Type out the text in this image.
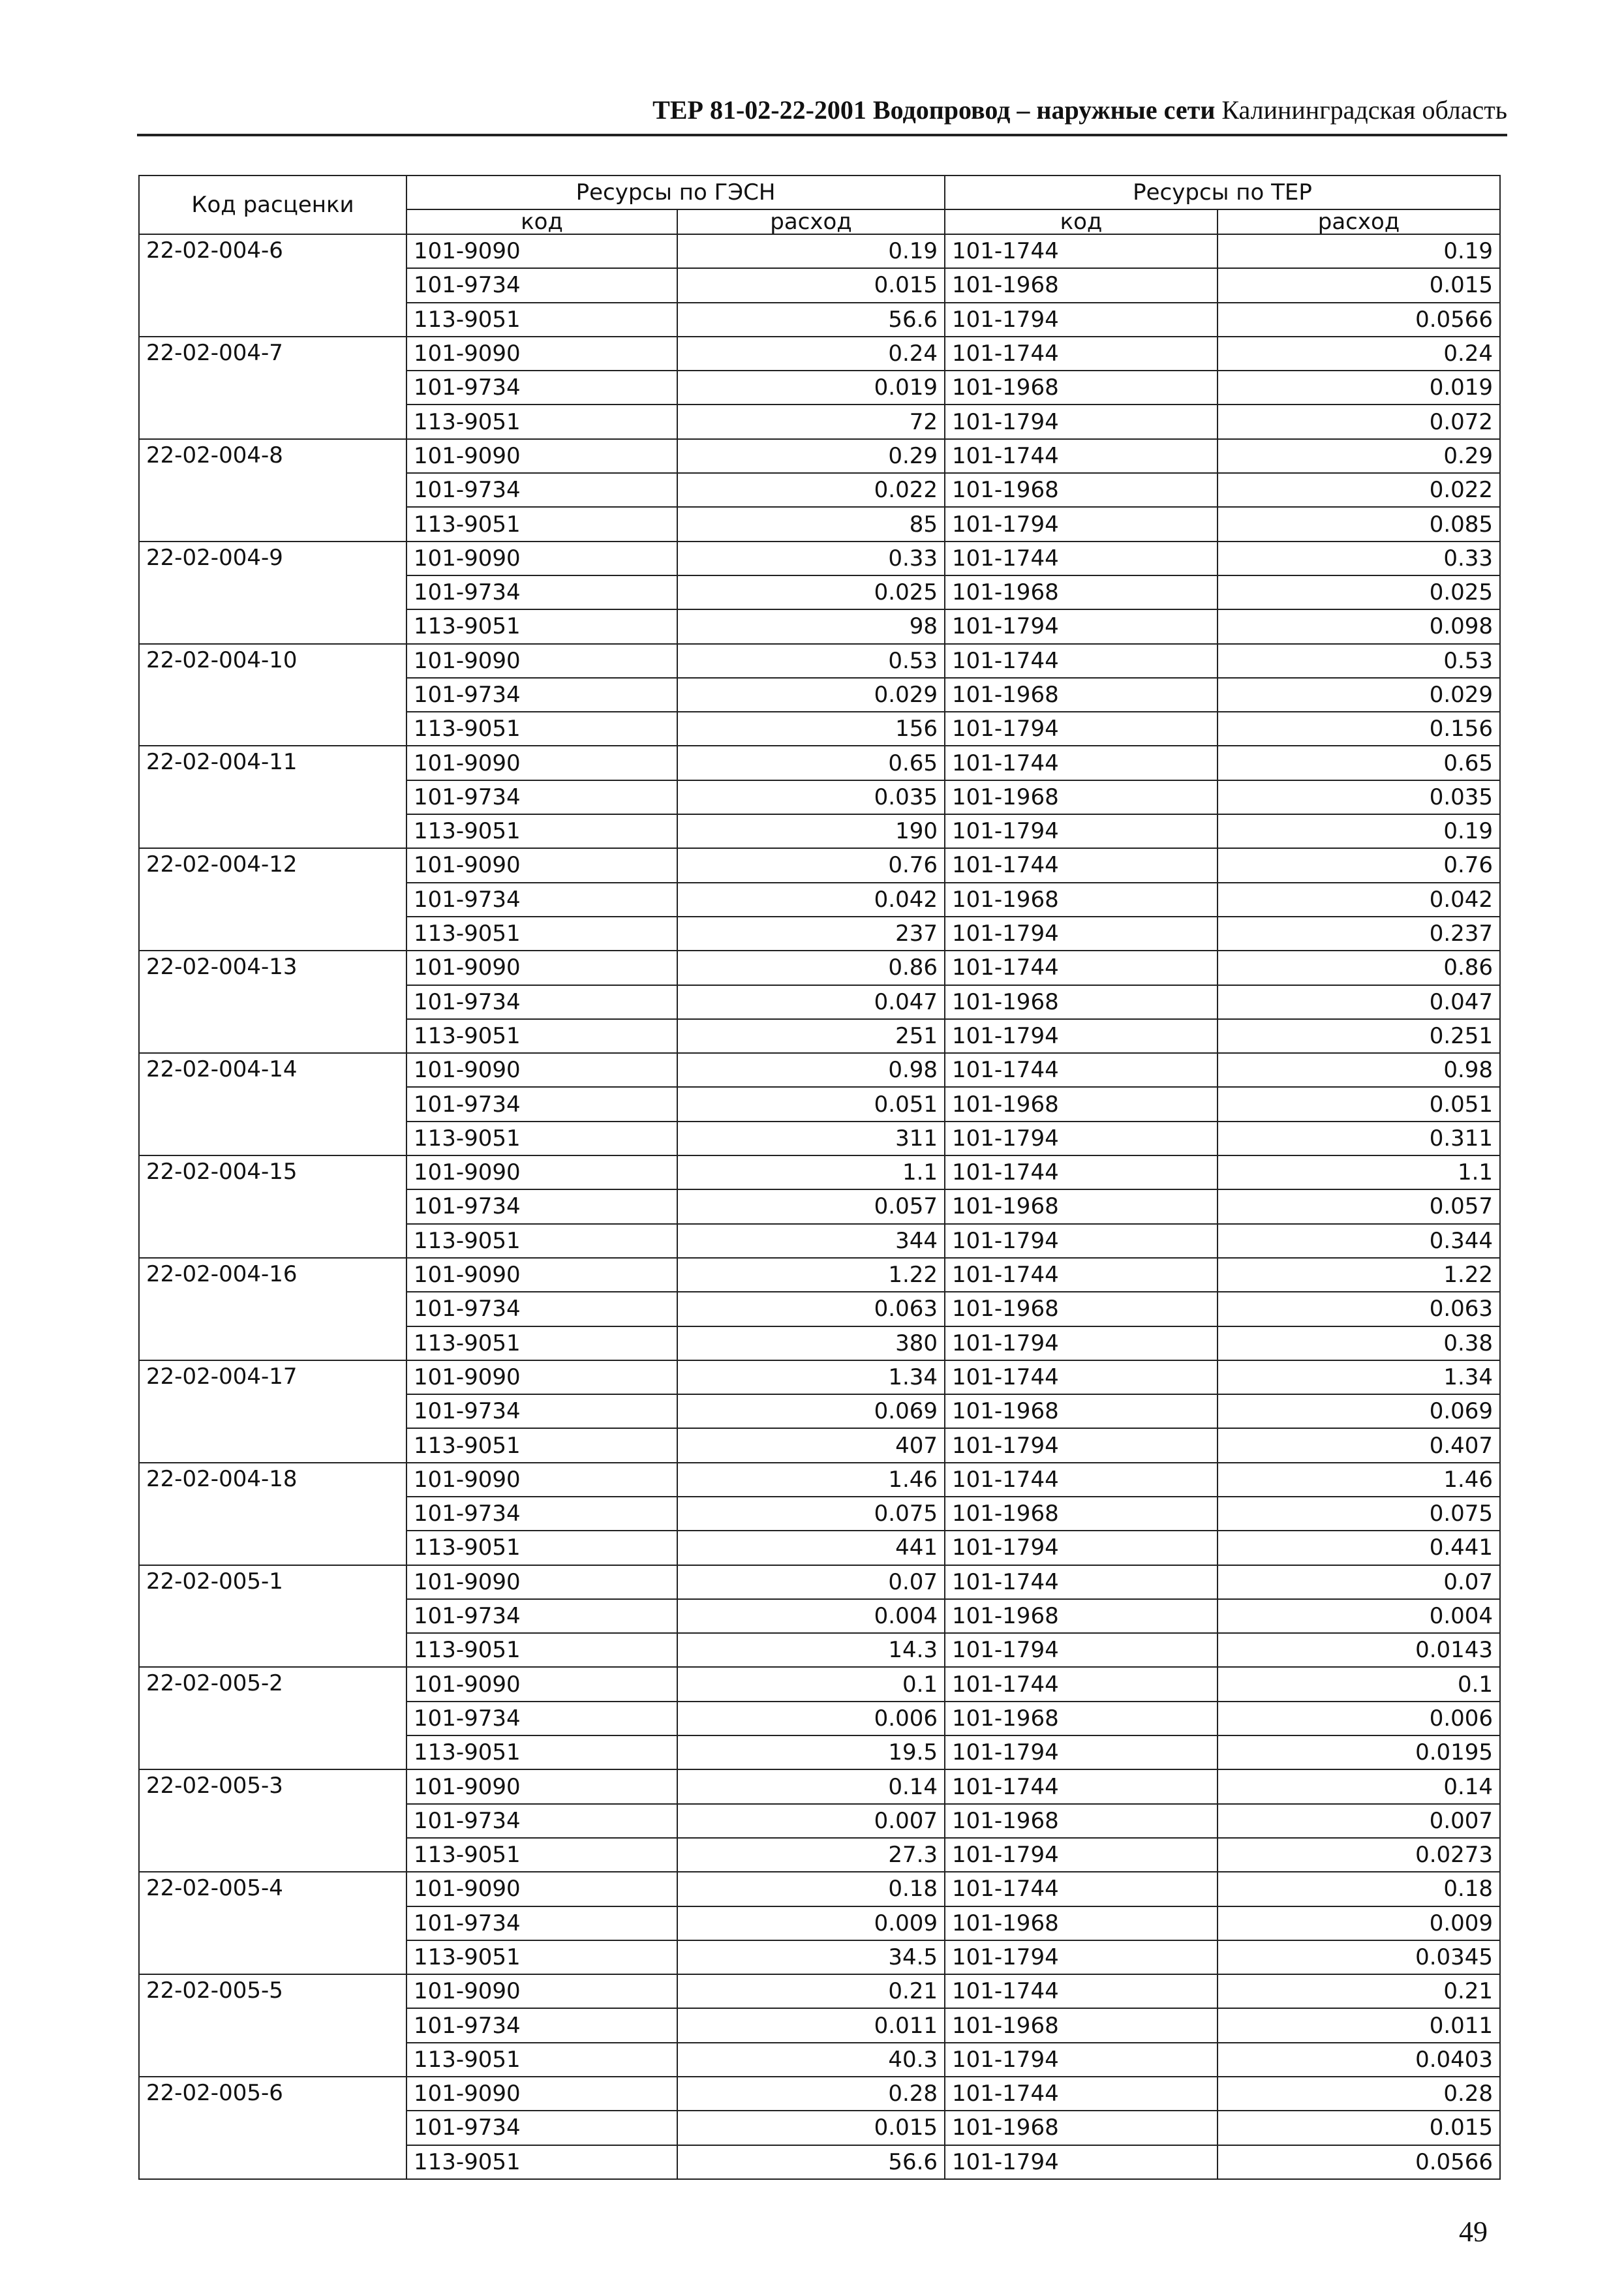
ТЕР 81-02-22-2001 Водопровод – наружные сети Калининградская область
Код расценки	Ресурсы по ГЭСН		Ресурсы по ТЕР	
	код	расход	код	расход
22-02-004-6	101-9090	0.19	101-1744	0.19
	101-9734	0.015	101-1968	0.015
	113-9051	56.6	101-1794	0.0566
22-02-004-7	101-9090	0.24	101-1744	0.24
	101-9734	0.019	101-1968	0.019
	113-9051	72	101-1794	0.072
22-02-004-8	101-9090	0.29	101-1744	0.29
	101-9734	0.022	101-1968	0.022
	113-9051	85	101-1794	0.085
22-02-004-9	101-9090	0.33	101-1744	0.33
	101-9734	0.025	101-1968	0.025
	113-9051	98	101-1794	0.098
22-02-004-10	101-9090	0.53	101-1744	0.53
	101-9734	0.029	101-1968	0.029
	113-9051	156	101-1794	0.156
22-02-004-11	101-9090	0.65	101-1744	0.65
	101-9734	0.035	101-1968	0.035
	113-9051	190	101-1794	0.19
22-02-004-12	101-9090	0.76	101-1744	0.76
	101-9734	0.042	101-1968	0.042
	113-9051	237	101-1794	0.237
22-02-004-13	101-9090	0.86	101-1744	0.86
	101-9734	0.047	101-1968	0.047
	113-9051	251	101-1794	0.251
22-02-004-14	101-9090	0.98	101-1744	0.98
	101-9734	0.051	101-1968	0.051
	113-9051	311	101-1794	0.311
22-02-004-15	101-9090	1.1	101-1744	1.1
	101-9734	0.057	101-1968	0.057
	113-9051	344	101-1794	0.344
22-02-004-16	101-9090	1.22	101-1744	1.22
	101-9734	0.063	101-1968	0.063
	113-9051	380	101-1794	0.38
22-02-004-17	101-9090	1.34	101-1744	1.34
	101-9734	0.069	101-1968	0.069
	113-9051	407	101-1794	0.407
22-02-004-18	101-9090	1.46	101-1744	1.46
	101-9734	0.075	101-1968	0.075
	113-9051	441	101-1794	0.441
22-02-005-1	101-9090	0.07	101-1744	0.07
	101-9734	0.004	101-1968	0.004
	113-9051	14.3	101-1794	0.0143
22-02-005-2	101-9090	0.1	101-1744	0.1
	101-9734	0.006	101-1968	0.006
	113-9051	19.5	101-1794	0.0195
22-02-005-3	101-9090	0.14	101-1744	0.14
	101-9734	0.007	101-1968	0.007
	113-9051	27.3	101-1794	0.0273
22-02-005-4	101-9090	0.18	101-1744	0.18
	101-9734	0.009	101-1968	0.009
	113-9051	34.5	101-1794	0.0345
22-02-005-5	101-9090	0.21	101-1744	0.21
	101-9734	0.011	101-1968	0.011
	113-9051	40.3	101-1794	0.0403
22-02-005-6	101-9090	0.28	101-1744	0.28
	101-9734	0.015	101-1968	0.015
	113-9051	56.6	101-1794	0.0566
49
